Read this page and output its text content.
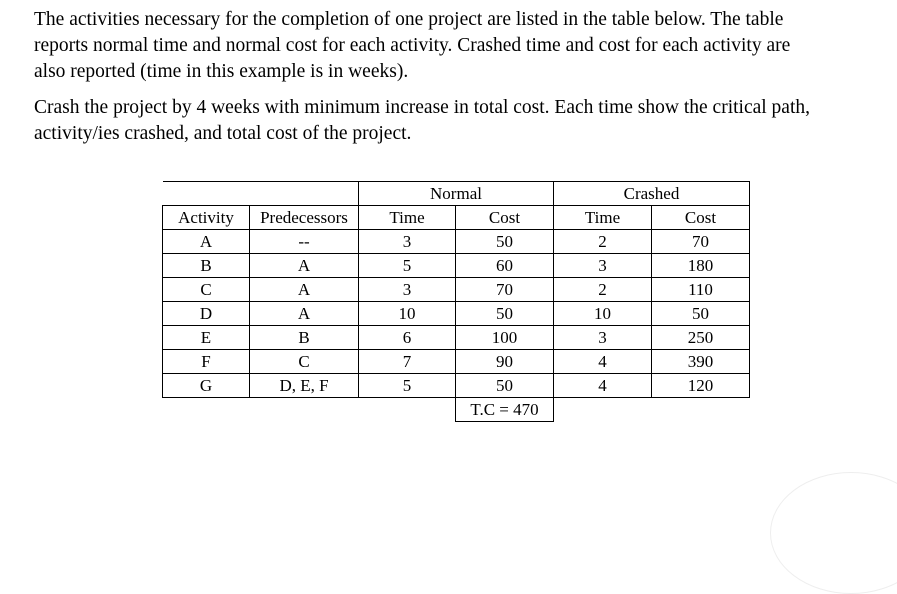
The activities necessary for the completion of one project are listed in the table below. The table reports normal time and normal cost for each activity. Crashed time and cost for each activity are also reported (time in this example is in weeks).

Crash the project by 4 weeks with minimum increase in total cost. Each time show the critical path, activity/ies crashed, and total cost of the project.

		Normal		Crashed	
Activity	Predecessors	Time	Cost	Time	Cost
A	--	3	50	2	70
B	A	5	60	3	180
C	A	3	70	2	110
D	A	10	50	10	50
E	B	6	100	3	250
F	C	7	90	4	390
G	D, E, F	5	50	4	120
			T.C = 470		
